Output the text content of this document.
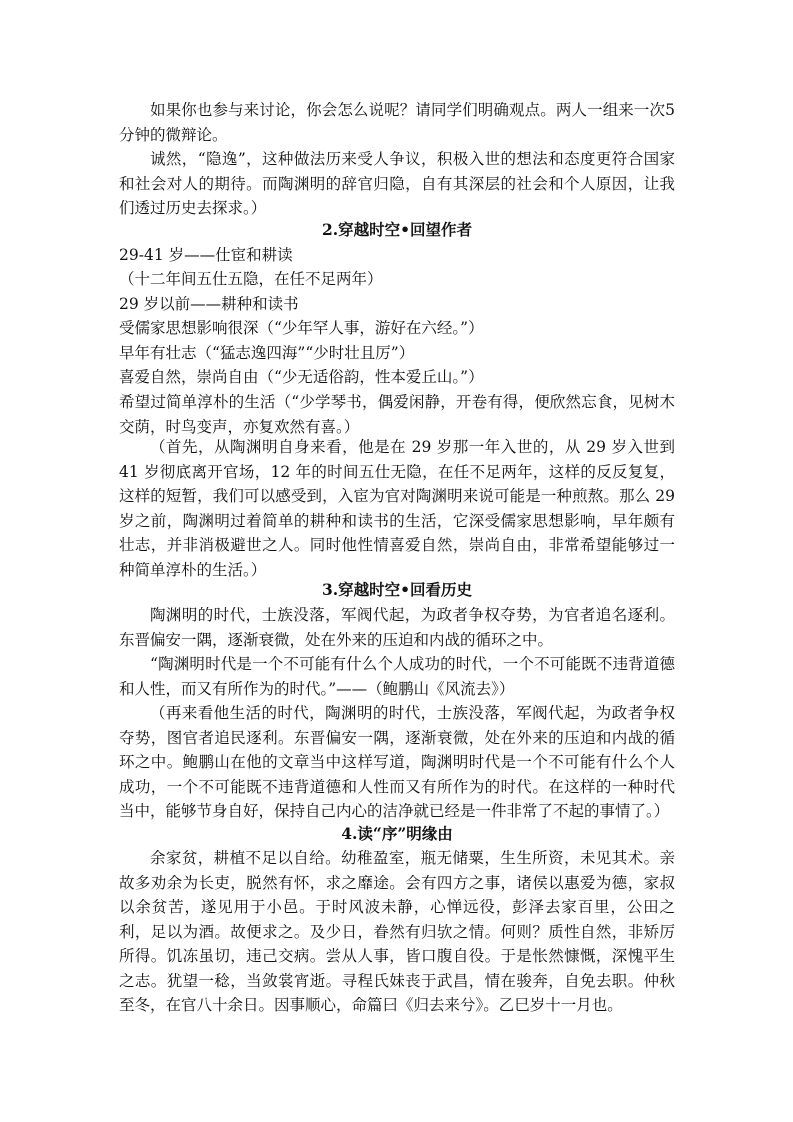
如果你也参与来讨论，你会怎么说呢？请同学们明确观点。两人一组来一次5分钟的微辩论。

诚然，“隐逸”，这种做法历来受人争议，积极入世的想法和态度更符合国家和社会对人的期待。而陶渊明的辞官归隐，自有其深层的社会和个人原因，让我们透过历史去探求。）

2.穿越时空•回望作者

29-41 岁——仕宦和耕读

（十二年间五仕五隐，在任不足两年）

29 岁以前——耕种和读书

受儒家思想影响很深（“少年罕人事，游好在六经。”）

早年有壮志（“猛志逸四海”“少时壮且厉”）

喜爱自然，崇尚自由（“少无适俗韵，性本爱丘山。”）

希望过简单淳朴的生活（“少学琴书，偶爱闲静，开卷有得，便欣然忘食，见树木交荫，时鸟变声，亦复欢然有喜。）

（首先，从陶渊明自身来看，他是在 29 岁那一年入世的，从 29 岁入世到 41 岁彻底离开官场，12 年的时间五仕无隐，在任不足两年，这样的反反复复，这样的短暂，我们可以感受到，入宦为官对陶渊明来说可能是一种煎熬。那么 29 岁之前，陶渊明过着简单的耕种和读书的生活，它深受儒家思想影响，早年颇有壮志，并非消极避世之人。同时他性情喜爱自然，崇尚自由，非常希望能够过一种简单淳朴的生活。）

3.穿越时空•回看历史

陶渊明的时代，士族没落，军阀代起，为政者争权夺势，为官者追名逐利。东晋偏安一隅，逐渐衰微，处在外来的压迫和内战的循环之中。

“陶渊明时代是一个不可能有什么个人成功的时代，一个不可能既不违背道德和人性，而又有所作为的时代。”——（鲍鹏山《风流去》）

（再来看他生活的时代，陶渊明的时代，士族没落，军阀代起，为政者争权夺势，图官者追民逐利。东晋偏安一隅，逐渐衰微，处在外来的压迫和内战的循环之中。鲍鹏山在他的文章当中这样写道，陶渊明时代是一个不可能有什么个人成功，一个不可能既不违背道德和人性而又有所作为的时代。在这样的一种时代当中，能够节身自好，保持自己内心的洁净就已经是一件非常了不起的事情了。）

4.读“序”明缘由

余家贫，耕植不足以自给。幼稚盈室，瓶无储粟，生生所资，未见其术。亲故多劝余为长吏，脱然有怀，求之靡途。会有四方之事，诸侯以惠爱为德，家叔以余贫苦，遂见用于小邑。于时风波未静，心惮远役，彭泽去家百里，公田之利，足以为酒。故便求之。及少日，眷然有归欤之情。何则？质性自然，非矫厉所得。饥冻虽切，违己交病。尝从人事，皆口腹自役。于是怅然慷慨，深愧平生之志。犹望一稔，当敛裳宵逝。寻程氏妹丧于武昌，情在骏奔，自免去职。仲秋至冬，在官八十余日。因事顺心，命篇曰《归去来兮》。乙巳岁十一月也。
